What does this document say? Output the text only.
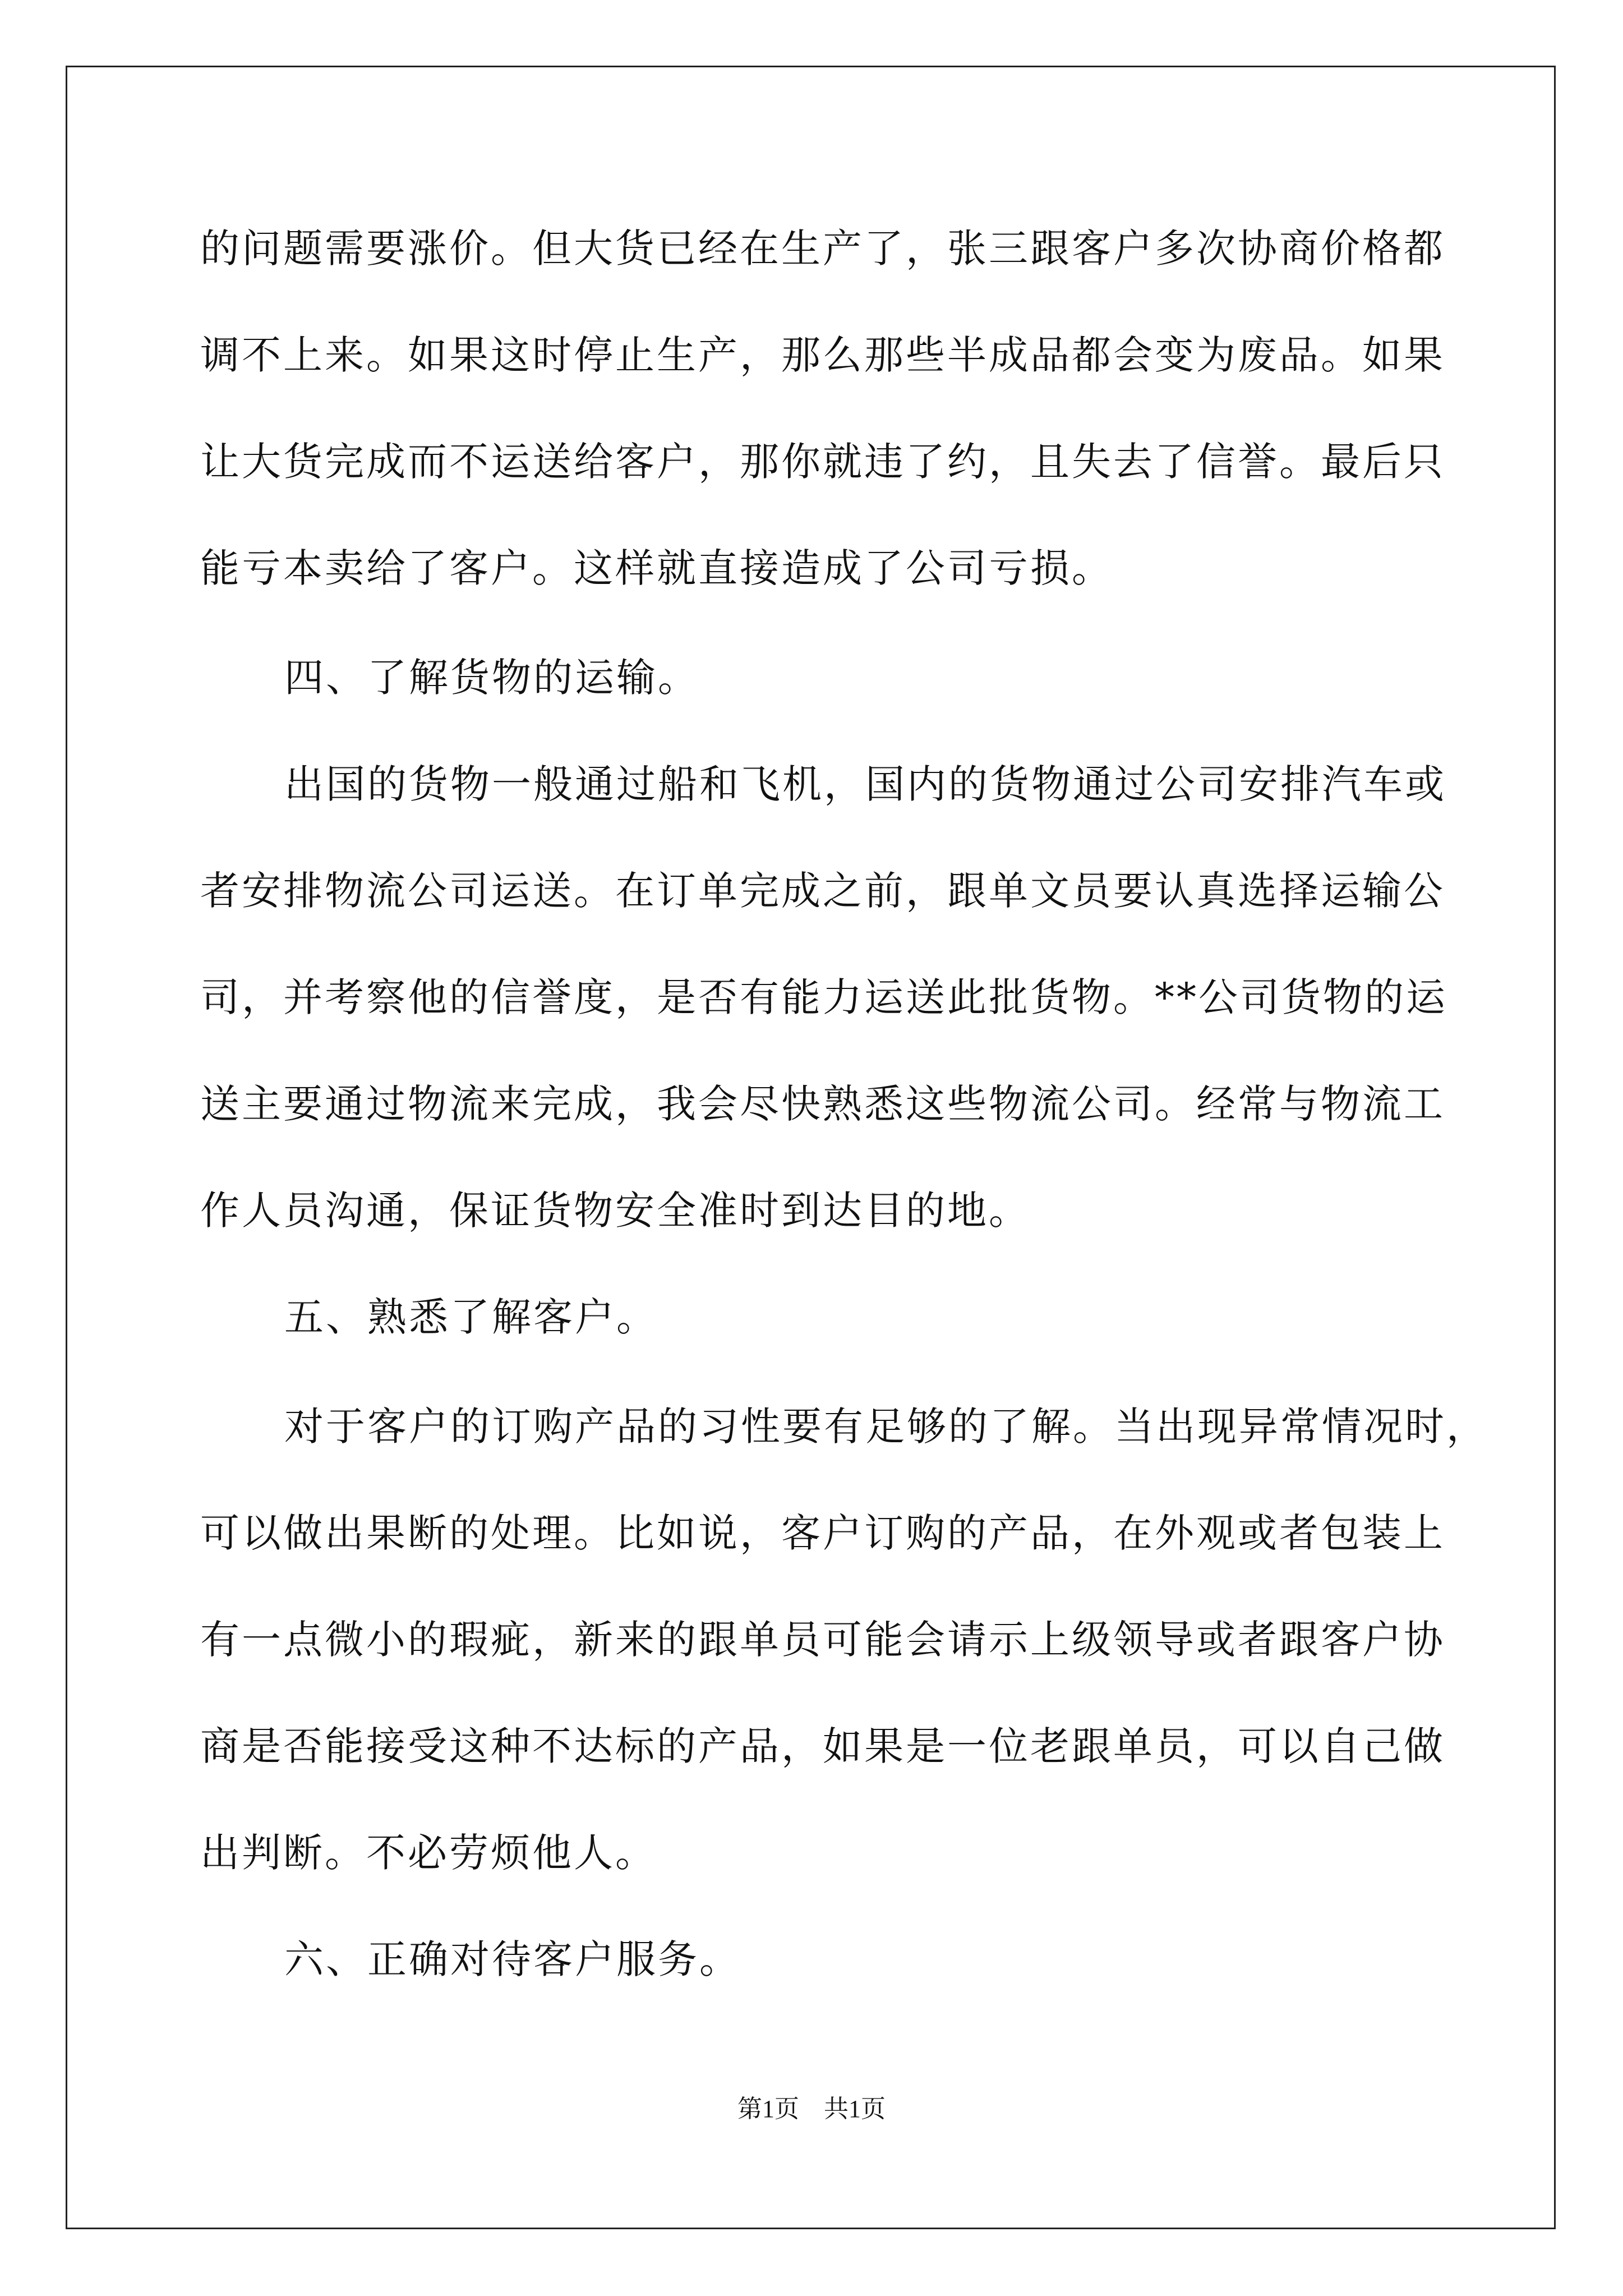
的问题需要涨价。但大货已经在生产了，张三跟客户多次协商价格都
调不上来。如果这时停止生产，那么那些半成品都会变为废品。如果
让大货完成而不运送给客户，那你就违了约，且失去了信誉。最后只
能亏本卖给了客户。这样就直接造成了公司亏损。
四、了解货物的运输。
出国的货物一般通过船和飞机，国内的货物通过公司安排汽车或
者安排物流公司运送。在订单完成之前，跟单文员要认真选择运输公
司，并考察他的信誉度，是否有能力运送此批货物。**公司货物的运
送主要通过物流来完成，我会尽快熟悉这些物流公司。经常与物流工
作人员沟通，保证货物安全准时到达目的地。
五、熟悉了解客户。
对于客户的订购产品的习性要有足够的了解。当出现异常情况时，
可以做出果断的处理。比如说，客户订购的产品，在外观或者包装上
有一点微小的瑕疵，新来的跟单员可能会请示上级领导或者跟客户协
商是否能接受这种不达标的产品，如果是一位老跟单员，可以自己做
出判断。不必劳烦他人。
六、正确对待客户服务。
第1页　共1页
